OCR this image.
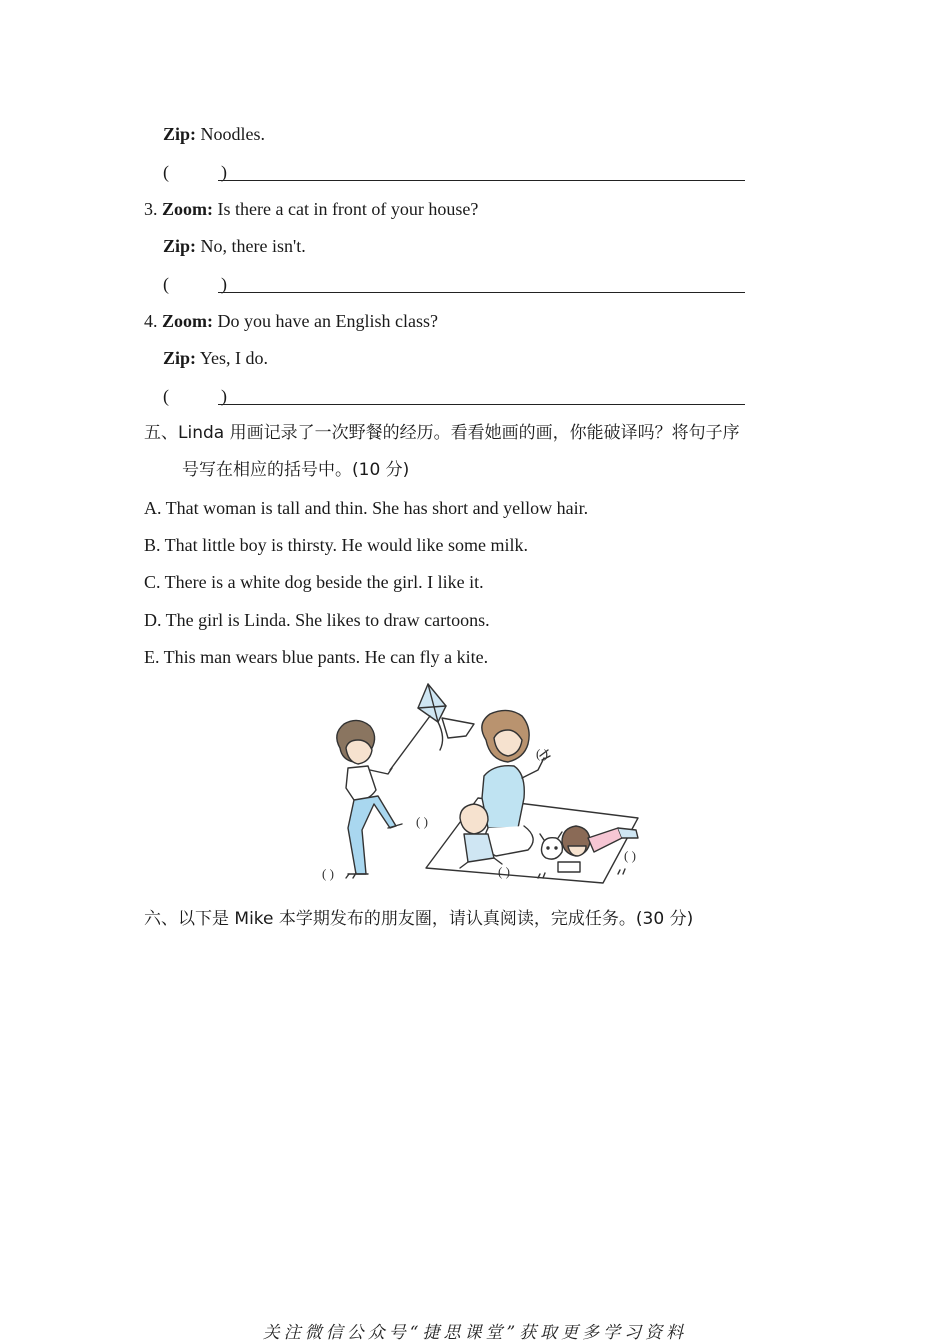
Zip: Noodles.
(	)
3. Zoom: Is there a cat in front of your house?
Zip: No, there isn't.
(	)
4. Zoom: Do you have an English class?
Zip: Yes, I do.
(	)
五、Linda 用画记录了一次野餐的经历。看看她画的画，你能破译吗？将句子序
号写在相应的括号中。(10 分)
A. That woman is tall and thin. She has short and yellow hair.
B. That little boy is thirsty. He would like some milk.
C. There is a white dog beside the girl. I like it.
D. The girl is Linda. She likes to draw cartoons.
E. This man wears blue pants. He can fly a kite.
( )
( )
( )
( )	( )
六、以下是 Mike 本学期发布的朋友圈，请认真阅读，完成任务。(30 分)
关注微信公众号“捷思课堂”获取更多学习资料
